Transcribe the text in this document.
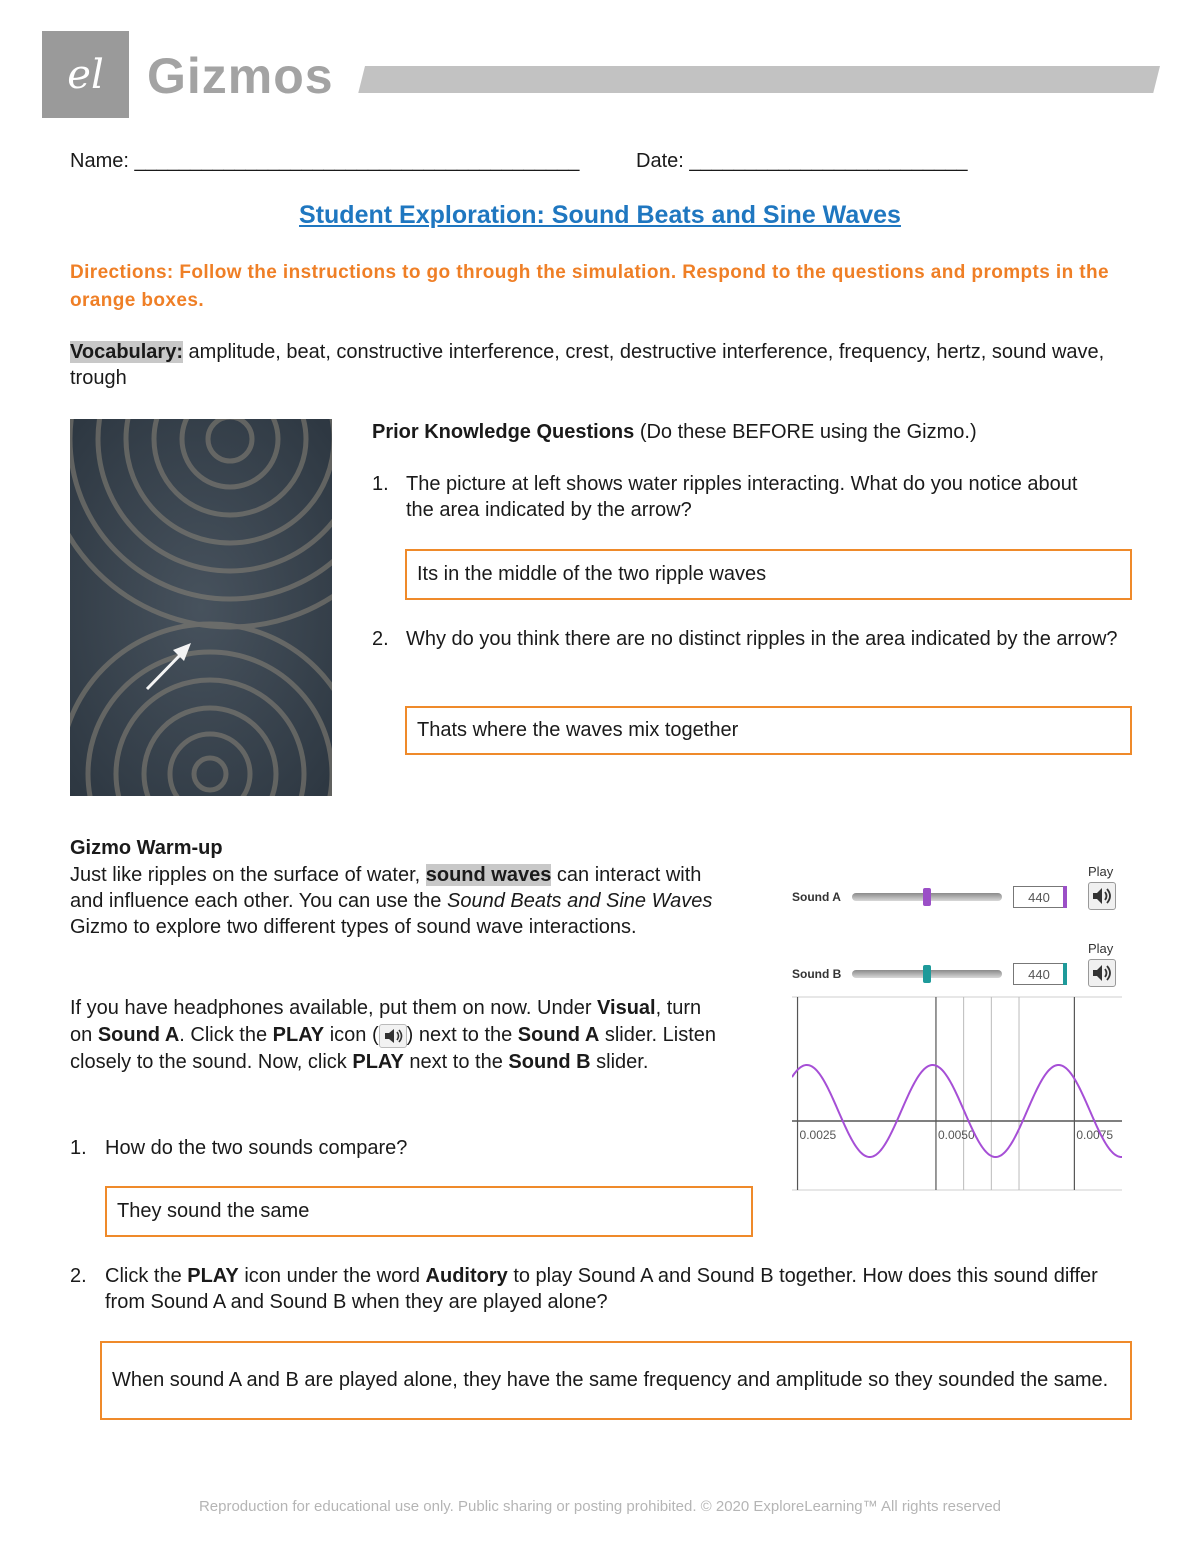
el Gizmos
Name: ________________________________________	Date: _________________________
Student Exploration: Sound Beats and Sine Waves
Directions: Follow the instructions to go through the simulation. Respond to the questions and prompts in the orange boxes.
Vocabulary: amplitude, beat, constructive interference, crest, destructive interference, frequency, hertz, sound wave, trough
Prior Knowledge Questions (Do these BEFORE using the Gizmo.)
1. The picture at left shows water ripples interacting. What do you notice about the area indicated by the arrow?
Its in the middle of the two ripple waves
2. Why do you think there are no distinct ripples in the area indicated by the arrow?
Thats where the waves mix together
Gizmo Warm-up
Just like ripples on the surface of water, sound waves can interact with and influence each other. You can use the Sound Beats and Sine Waves Gizmo to explore two different types of sound wave interactions.
If you have headphones available, put them on now. Under Visual, turn on Sound A. Click the PLAY icon ( ) next to the Sound A slider. Listen closely to the sound. Now, click PLAY next to the Sound B slider.
1. How do the two sounds compare?
They sound the same
2. Click the PLAY icon under the word Auditory to play Sound A and Sound B together. How does this sound differ from Sound A and Sound B when they are played alone?
When sound A and B are played alone, they have the same frequency and amplitude so they sounded the same.
Play
Sound A	440
Play
Sound B	440
0.0025	0.0050	0.0075
Reproduction for educational use only. Public sharing or posting prohibited. © 2020 ExploreLearning™ All rights reserved
